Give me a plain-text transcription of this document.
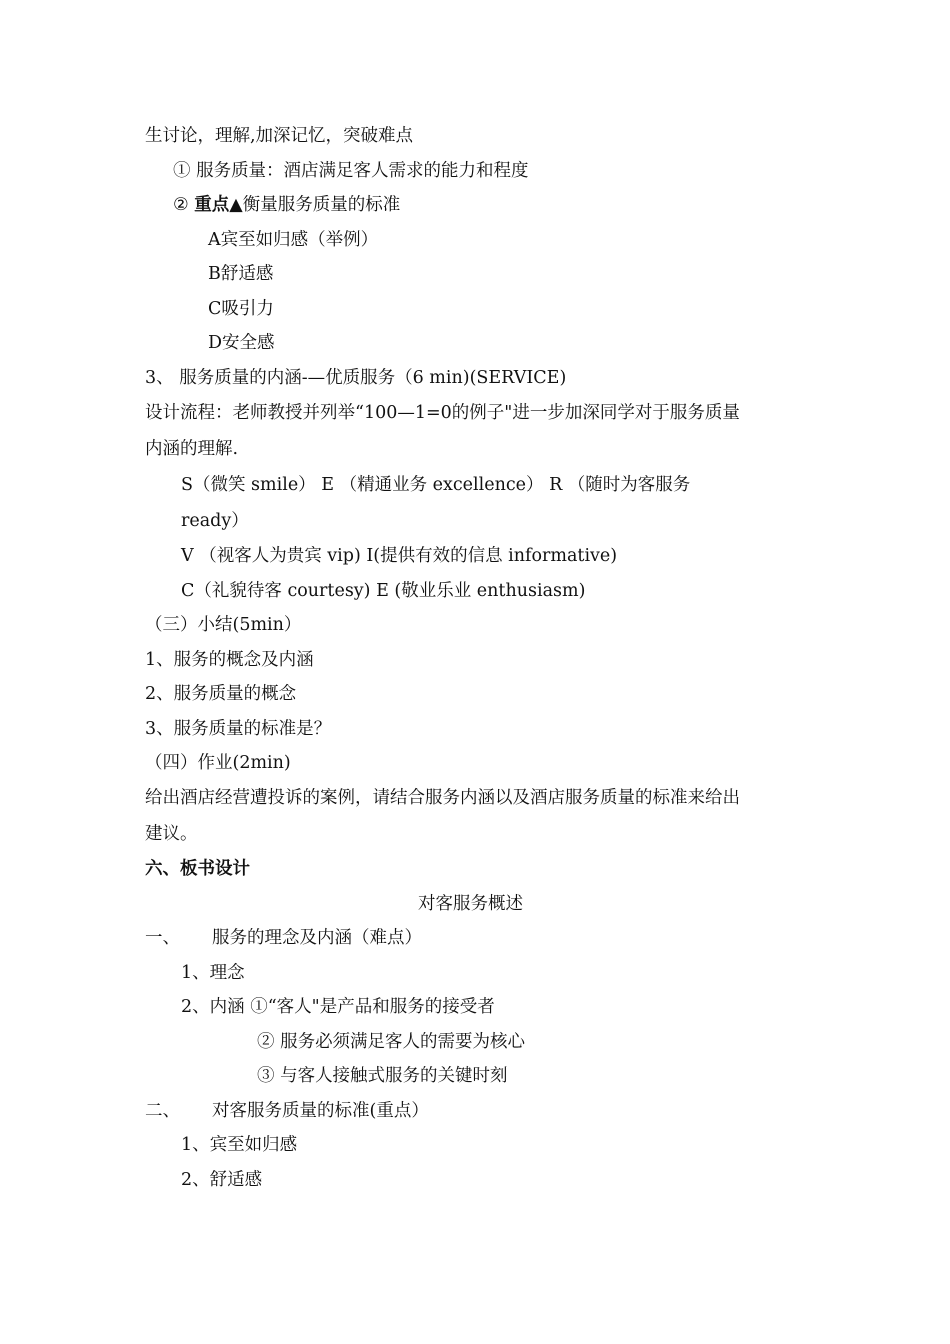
生讨论，理解,加深记忆，突破难点
① 服务质量：酒店满足客人需求的能力和程度
② 重点▲衡量服务质量的标准
A宾至如归感（举例）
B舒适感
C吸引力
D安全感
3、 服务质量的内涵-—优质服务（6 min)(SERVICE)
设计流程：老师教授并列举“100—1=0的例子"进一步加深同学对于服务质量
内涵的理解.
S（微笑 smile） E （精通业务 excellence） R （随时为客服务
ready）
V （视客人为贵宾 vip) I(提供有效的信息 informative)
C（礼貌待客 courtesy) E (敬业乐业 enthusiasm)
（三）小结(5min）
1、服务的概念及内涵
2、服务质量的概念
3、服务质量的标准是？
（四）作业(2min)
给出酒店经营遭投诉的案例，请结合服务内涵以及酒店服务质量的标准来给出
建议。
六、板书设计
对客服务概述
一、 服务的理念及内涵（难点）
1、理念
2、内涵 ①“客人"是产品和服务的接受者
② 服务必须满足客人的需要为核心
③ 与客人接触式服务的关键时刻
二、 对客服务质量的标准(重点）
1、宾至如归感
2、舒适感
